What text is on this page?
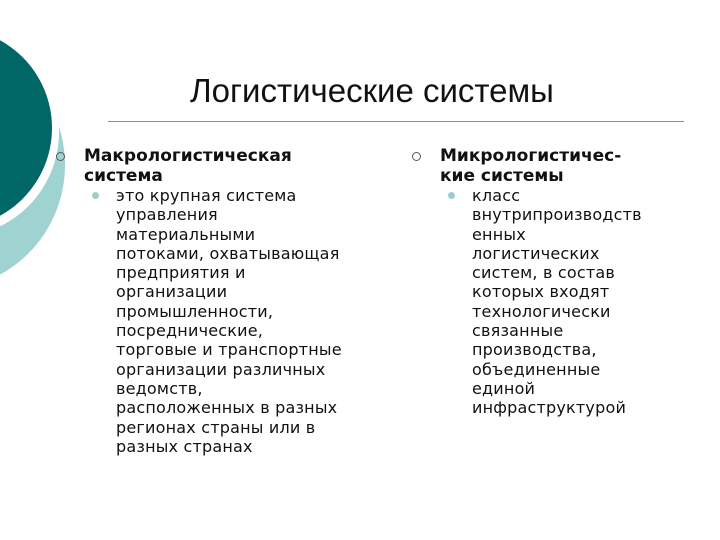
Логистические системы
Макрологистическая
система
это крупная система
управления
материальными
потоками, охватывающая
предприятия и
организации
промышленности,
посреднические,
торговые и транспортные
организации различных
ведомств,
расположенных в разных
регионах страны или в
разных странах
Микрологистичес-
кие системы
класс
внутрипроизводств
енных
логистических
систем, в состав
которых входят
технологически
связанные
производства,
объединенные
единой
инфраструктурой
